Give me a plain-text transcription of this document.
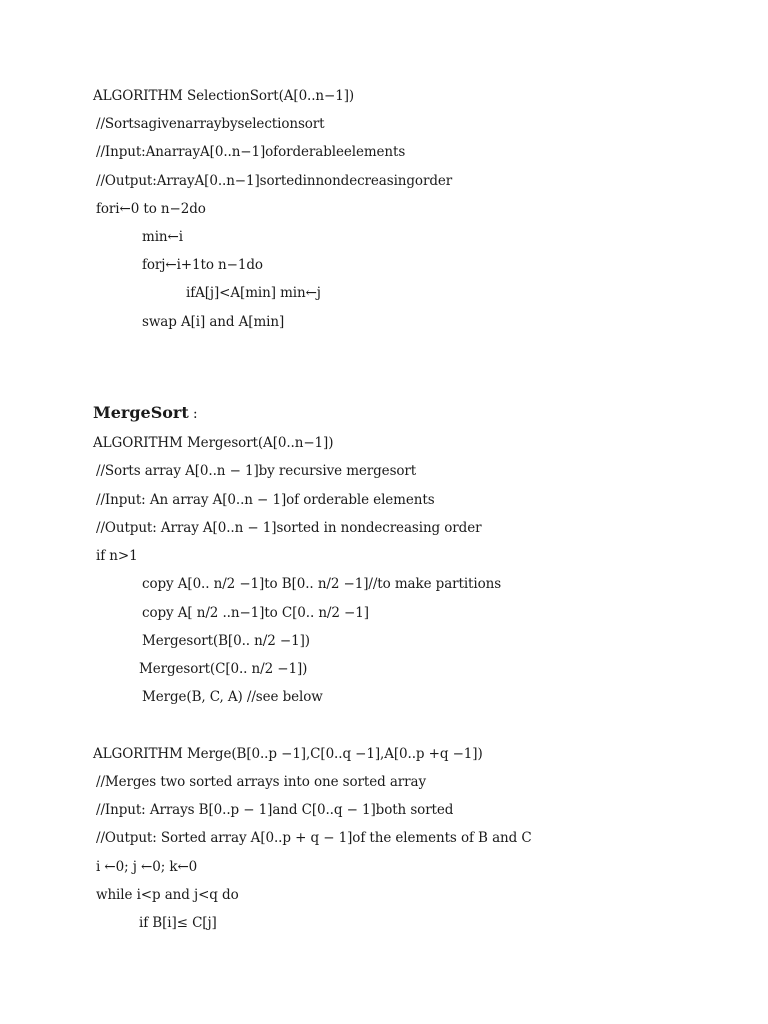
ALGORITHM SelectionSort(A[0..n−1])
//Sortsagivenarraybyselectionsort
//Input:AnarrayA[0..n−1]oforderableelements
//Output:ArrayA[0..n−1]sortedinnondecreasingorder
fori←0 to n−2do
min←i
forj←i+1to n−1do
ifA[j]<A[min] min←j
swap A[i] and A[min]
MergeSort :
ALGORITHM Mergesort(A[0..n−1])
//Sorts array A[0..n − 1]by recursive mergesort
//Input: An array A[0..n − 1]of orderable elements
//Output: Array A[0..n − 1]sorted in nondecreasing order
if n>1
copy A[0.. n/2 −1]to B[0.. n/2 −1]//to make partitions
copy A[ n/2 ..n−1]to C[0.. n/2 −1]
Mergesort(B[0.. n/2 −1])
Mergesort(C[0.. n/2 −1])
Merge(B, C, A) //see below
ALGORITHM Merge(B[0..p −1],C[0..q −1],A[0..p +q −1])
//Merges two sorted arrays into one sorted array
//Input: Arrays B[0..p − 1]and C[0..q − 1]both sorted
//Output: Sorted array A[0..p + q − 1]of the elements of B and C
i ←0; j ←0; k←0
while i<p and j<q do
if B[i]≤ C[j]
